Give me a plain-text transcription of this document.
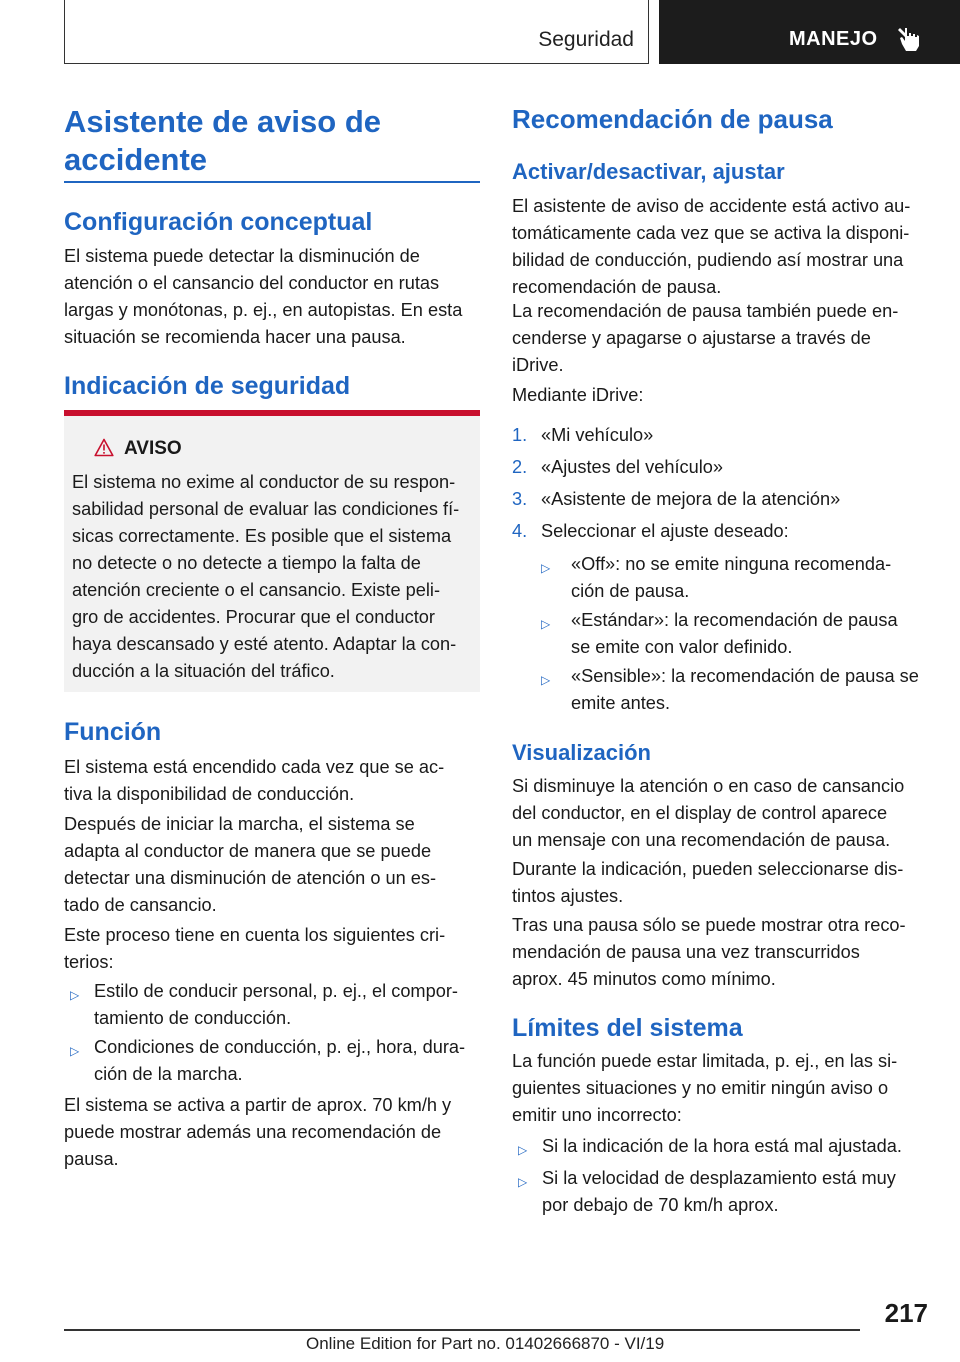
Seguridad	MANEJO
Asistente de aviso de
accidente
Configuración conceptual
El sistema puede detectar la disminución de
atención o el cansancio del conductor en rutas
largas y monótonas, p. ej., en autopistas. En esta
situación se recomienda hacer una pausa.
Indicación de seguridad
AVISO
El sistema no exime al conductor de su respon-
sabilidad personal de evaluar las condiciones fí-
sicas correctamente. Es posible que el sistema
no detecte o no detecte a tiempo la falta de
atención creciente o el cansancio. Existe peli-
gro de accidentes. Procurar que el conductor
haya descansado y esté atento. Adaptar la con-
ducción a la situación del tráfico.
Función
El sistema está encendido cada vez que se ac-
tiva la disponibilidad de conducción.
Después de iniciar la marcha, el sistema se
adapta al conductor de manera que se puede
detectar una disminución de atención o un es-
tado de cansancio.
Este proceso tiene en cuenta los siguientes cri-
terios:
▷ Estilo de conducir personal, p. ej., el compor-
tamiento de conducción.
▷ Condiciones de conducción, p. ej., hora, dura-
ción de la marcha.
El sistema se activa a partir de aprox. 70 km/h y
puede mostrar además una recomendación de
pausa.
Recomendación de pausa
Activar/desactivar, ajustar
El asistente de aviso de accidente está activo au-
tomáticamente cada vez que se activa la disponi-
bilidad de conducción, pudiendo así mostrar una
recomendación de pausa.
La recomendación de pausa también puede en-
cenderse y apagarse o ajustarse a través de
iDrive.
Mediante iDrive:
1. «Mi vehículo»
2. «Ajustes del vehículo»
3. «Asistente de mejora de la atención»
4. Seleccionar el ajuste deseado:
▷ «Off»: no se emite ninguna recomenda-
ción de pausa.
▷ «Estándar»: la recomendación de pausa
se emite con valor definido.
▷ «Sensible»: la recomendación de pausa se
emite antes.
Visualización
Si disminuye la atención o en caso de cansancio
del conductor, en el display de control aparece
un mensaje con una recomendación de pausa.
Durante la indicación, pueden seleccionarse dis-
tintos ajustes.
Tras una pausa sólo se puede mostrar otra reco-
mendación de pausa una vez transcurridos
aprox. 45 minutos como mínimo.
Límites del sistema
La función puede estar limitada, p. ej., en las si-
guientes situaciones y no emitir ningún aviso o
emitir uno incorrecto:
▷ Si la indicación de la hora está mal ajustada.
▷ Si la velocidad de desplazamiento está muy
por debajo de 70 km/h aprox.
217
Online Edition for Part no. 01402666870 - VI/19
